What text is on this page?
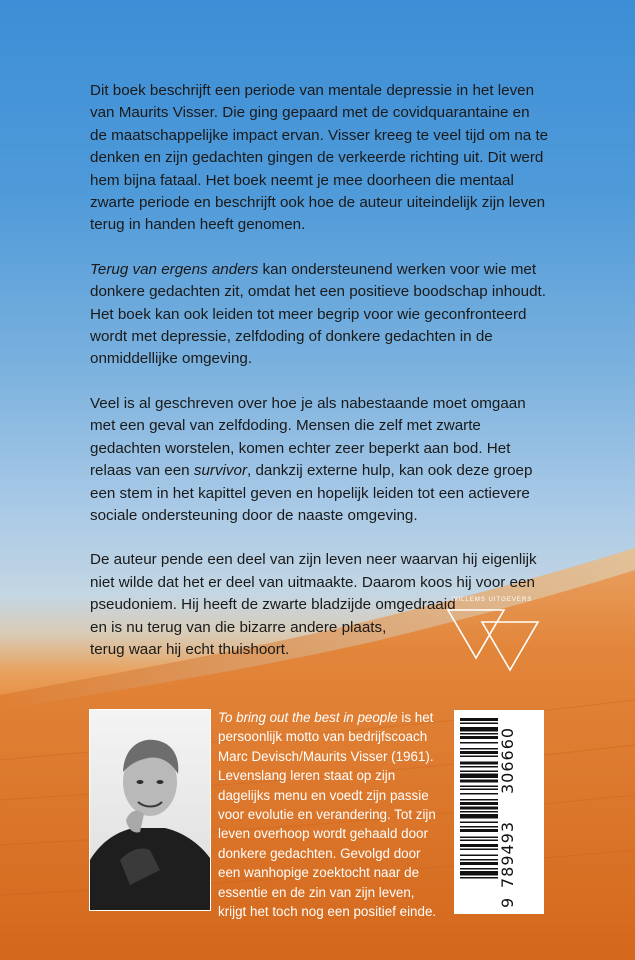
Dit boek beschrijft een periode van mentale depressie in het leven van Maurits Visser. Die ging gepaard met de covidquarantaine en de maatschappelijke impact ervan. Visser kreeg te veel tijd om na te denken en zijn gedachten gingen de verkeerde richting uit. Dit werd hem bijna fataal. Het boek neemt je mee doorheen die mentaal zwarte periode en beschrijft ook hoe de auteur uiteindelijk zijn leven terug in handen heeft genomen.

Terug van ergens anders kan ondersteunend werken voor wie met donkere gedachten zit, omdat het een positieve boodschap inhoudt. Het boek kan ook leiden tot meer begrip voor wie geconfronteerd wordt met depressie, zelfdoding of donkere gedachten in de onmiddellijke omgeving.

Veel is al geschreven over hoe je als nabestaande moet omgaan met een geval van zelfdoding. Mensen die zelf met zwarte gedachten worstelen, komen echter zeer beperkt aan bod. Het relaas van een survivor, dankzij externe hulp, kan ook deze groep een stem in het kapittel geven en hopelijk leiden tot een actievere sociale ondersteuning door de naaste omgeving.

De auteur pende een deel van zijn leven neer waarvan hij eigenlijk niet wilde dat het er deel van uitmaakte. Daarom koos hij voor een pseudoniem. Hij heeft de zwarte bladzijde omgedraaid
en is nu terug van die bizarre andere plaats,
terug waar hij echt thuishoort.

WILLEMS UITGEVERS
To bring out the best in people is het persoonlijk motto van bedrijfscoach Marc Devisch/Maurits Visser (1961). Levenslang leren staat op zijn dagelijks menu en voedt zijn passie voor evolutie en verandering. Tot zijn leven overhoop wordt gehaald door donkere gedachten. Gevolgd door een wanhopige zoektocht naar de essentie en de zin van zijn leven, krijgt het toch nog een positief einde.
9
789493
306660
